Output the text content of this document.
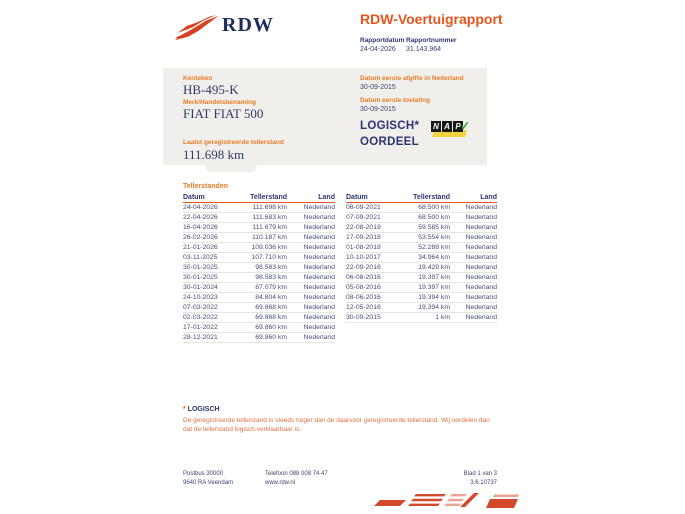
RDW	RDW-Voertuigrapport
Rapportdatum
24-04-2026
Rapportnummer
31.143.964
Kenteken
HB-495-K
Merk/Handelsbenaming
FIAT FIAT 500
Laatst geregistreerde tellerstand
111.698 km
Datum eerste afgifte in Nederland
30-09-2015
Datum eerste toelating
30-09-2015
LOGISCH*
OORDEEL
N A P ✓
Tellerstanden
Datum	Tellerstand	Land
24-04-2026	111.698 km	Nederland
22-04-2026	111.683 km	Nederland
16-04-2026	111.679 km	Nederland
26-02-2026	110.187 km	Nederland
21-01-2026	109.036 km	Nederland
03-11-2025	107.710 km	Nederland
30-01-2025	98.583 km	Nederland
30-01-2025	98.583 km	Nederland
30-01-2024	87.079 km	Nederland
24-10-2023	84.804 km	Nederland
07-03-2022	69.868 km	Nederland
02-03-2022	69.868 km	Nederland
17-01-2022	69.860 km	Nederland
28-12-2021	69.860 km	Nederland
Datum	Tellerstand	Land
08-09-2021	68.500 km	Nederland
07-09-2021	68.500 km	Nederland
22-08-2019	59.585 km	Nederland
17-09-2018	53.554 km	Nederland
01-08-2018	52.288 km	Nederland
10-10-2017	34.964 km	Nederland
22-09-2016	19.429 km	Nederland
06-08-2016	19.397 km	Nederland
05-08-2016	19.397 km	Nederland
08-06-2016	19.394 km	Nederland
12-05-2016	19.394 km	Nederland
30-09-2015	1 km	Nederland
* LOGISCH
De geregistreerde tellerstand is steeds hoger dan de daarvoor geregistreerde tellerstand. Wij oordelen dan dat de tellerstand logisch verklaarbaar is.
Postbus 30000
9640 RA Veendam
Telefoon 088 008 74 47
www.rdw.nl
Blad 1 van 3
3.6.10737
